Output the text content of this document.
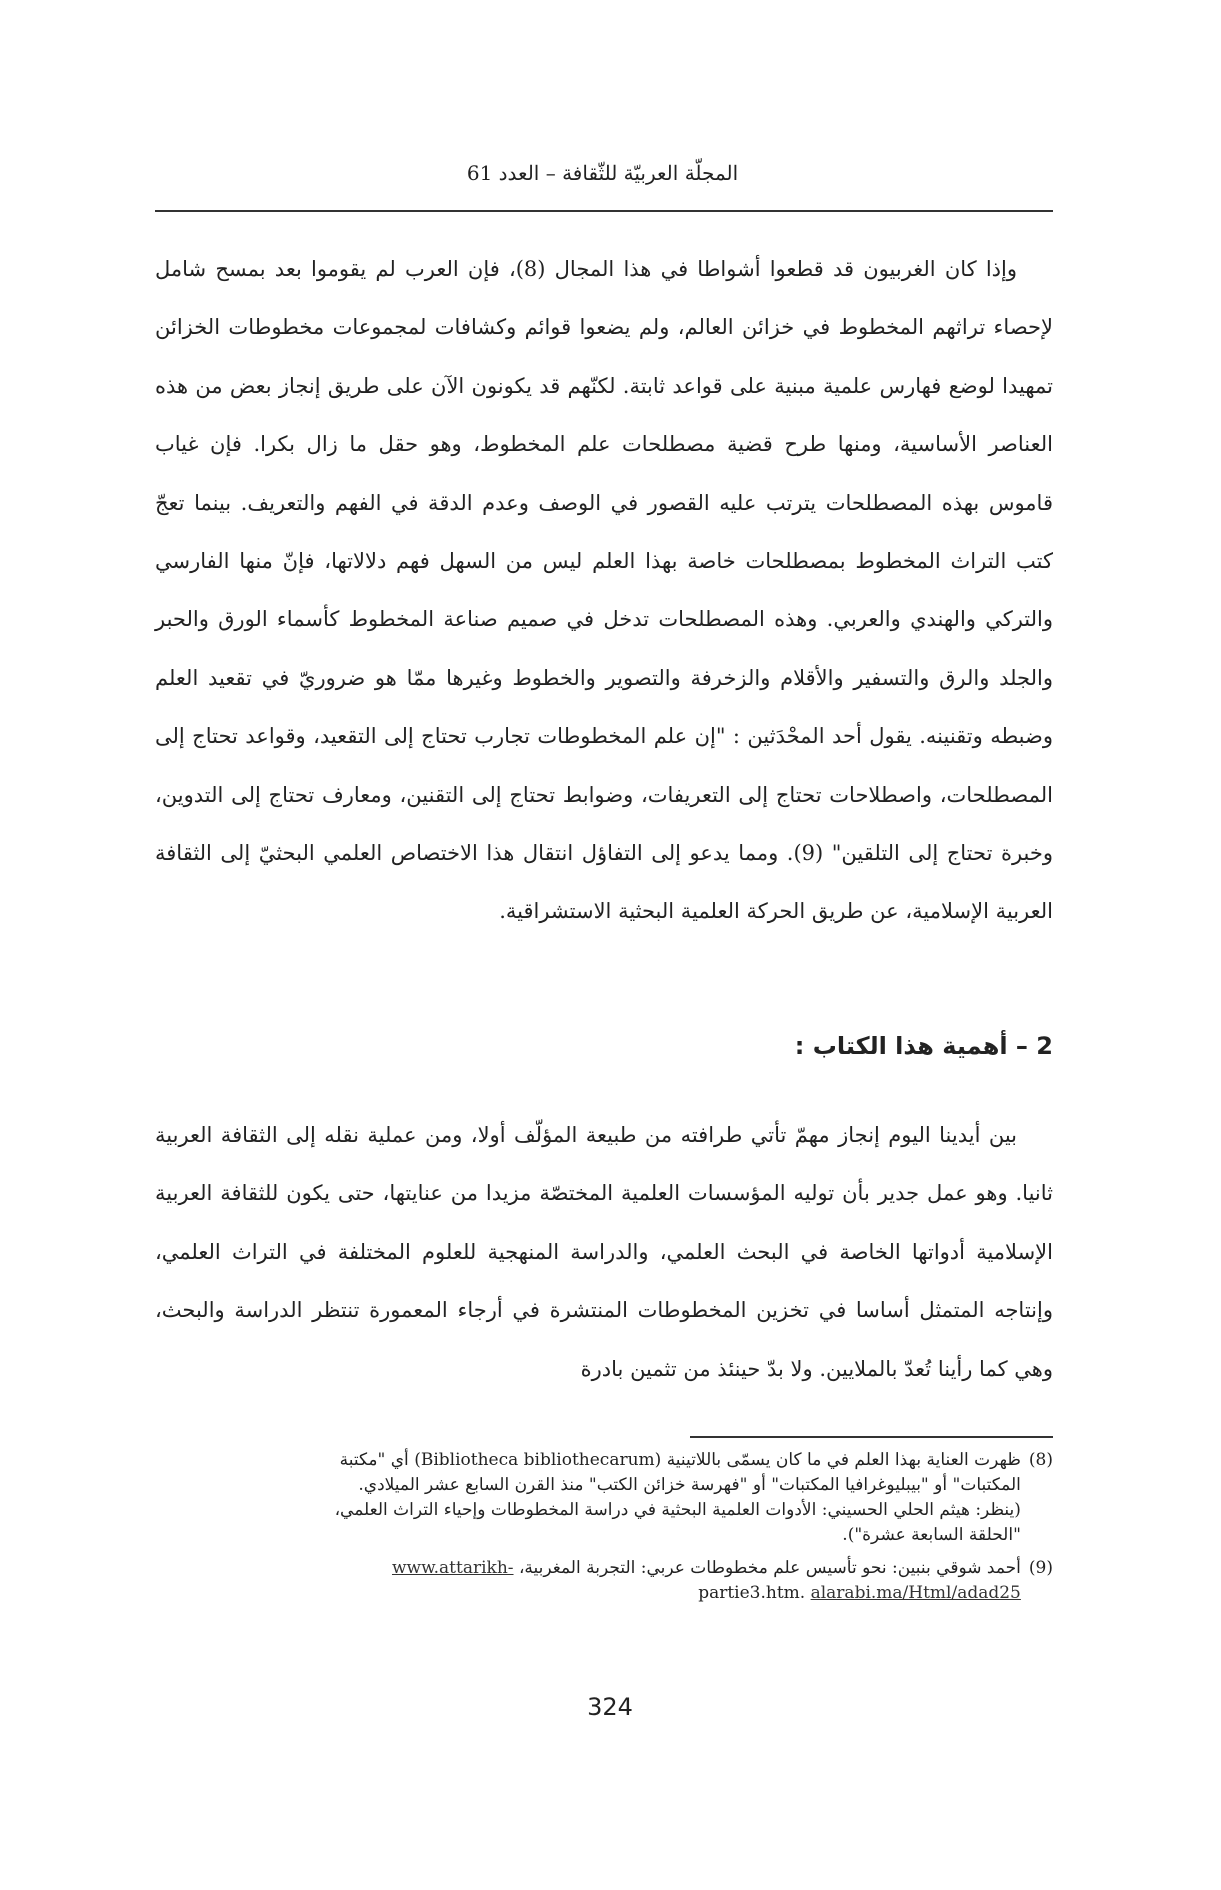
المجلّة العربيّة للثّقافة – العدد 61

وإذا كان الغربيون قد قطعوا أشواطا في هذا المجال (8)، فإن العرب لم يقوموا بعد بمسح شامل لإحصاء تراثهم المخطوط في خزائن العالم، ولم يضعوا قوائم وكشافات لمجموعات مخطوطات الخزائن تمهيدا لوضع فهارس علمية مبنية على قواعد ثابتة. لكنّهم قد يكونون الآن على طريق إنجاز بعض من هذه العناصر الأساسية، ومنها طرح قضية مصطلحات علم المخطوط، وهو حقل ما زال بكرا. فإن غياب قاموس بهذه المصطلحات يترتب عليه القصور في الوصف وعدم الدقة في الفهم والتعريف. بينما تعجّ كتب التراث المخطوط بمصطلحات خاصة بهذا العلم ليس من السهل فهم دلالاتها، فإنّ منها الفارسي والتركي والهندي والعربي. وهذه المصطلحات تدخل في صميم صناعة المخطوط كأسماء الورق والحبر والجلد والرق والتسفير والأقلام والزخرفة والتصوير والخطوط وغيرها ممّا هو ضروريّ في تقعيد العلم وضبطه وتقنينه. يقول أحد المحْدَثين : "إن علم المخطوطات تجارب تحتاج إلى التقعيد، وقواعد تحتاج إلى المصطلحات، واصطلاحات تحتاج إلى التعريفات، وضوابط تحتاج إلى التقنين، ومعارف تحتاج إلى التدوين، وخبرة تحتاج إلى التلقين" (9). ومما يدعو إلى التفاؤل انتقال هذا الاختصاص العلمي البحثيّ إلى الثقافة العربية الإسلامية، عن طريق الحركة العلمية البحثية الاستشراقية.

2 – أهمية هذا الكتاب :

بين أيدينا اليوم إنجاز مهمّ تأتي طرافته من طبيعة المؤلّف أولا، ومن عملية نقله إلى الثقافة العربية ثانيا. وهو عمل جدير بأن توليه المؤسسات العلمية المختصّة مزيدا من عنايتها، حتى يكون للثقافة العربية الإسلامية أدواتها الخاصة في البحث العلمي، والدراسة المنهجية للعلوم المختلفة في التراث العلمي، وإنتاجه المتمثل أساسا في تخزين المخطوطات المنتشرة في أرجاء المعمورة تنتظر الدراسة والبحث، وهي كما رأينا تُعدّ بالملايين. ولا بدّ حينئذ من تثمين بادرة

(8)
ظهرت العناية بهذا العلم في ما كان يسمّى باللاتينية (Bibliotheca bibliothecarum) أي "مكتبة
المكتبات" أو "بيبليوغرافيا المكتبات" أو "فهرسة خزائن الكتب" منذ القرن السابع عشر الميلادي.
(ينظر: هيثم الحلي الحسيني: الأدوات العلمية البحثية في دراسة المخطوطات وإحياء التراث العلمي،
"الحلقة السابعة عشرة").
(9)
أحمد شوقي بنبين: نحو تأسيس علم مخطوطات عربي: التجربة المغربية، www.attarikh-
alarabi.ma/Html/adad25 partie3.htm.
324
